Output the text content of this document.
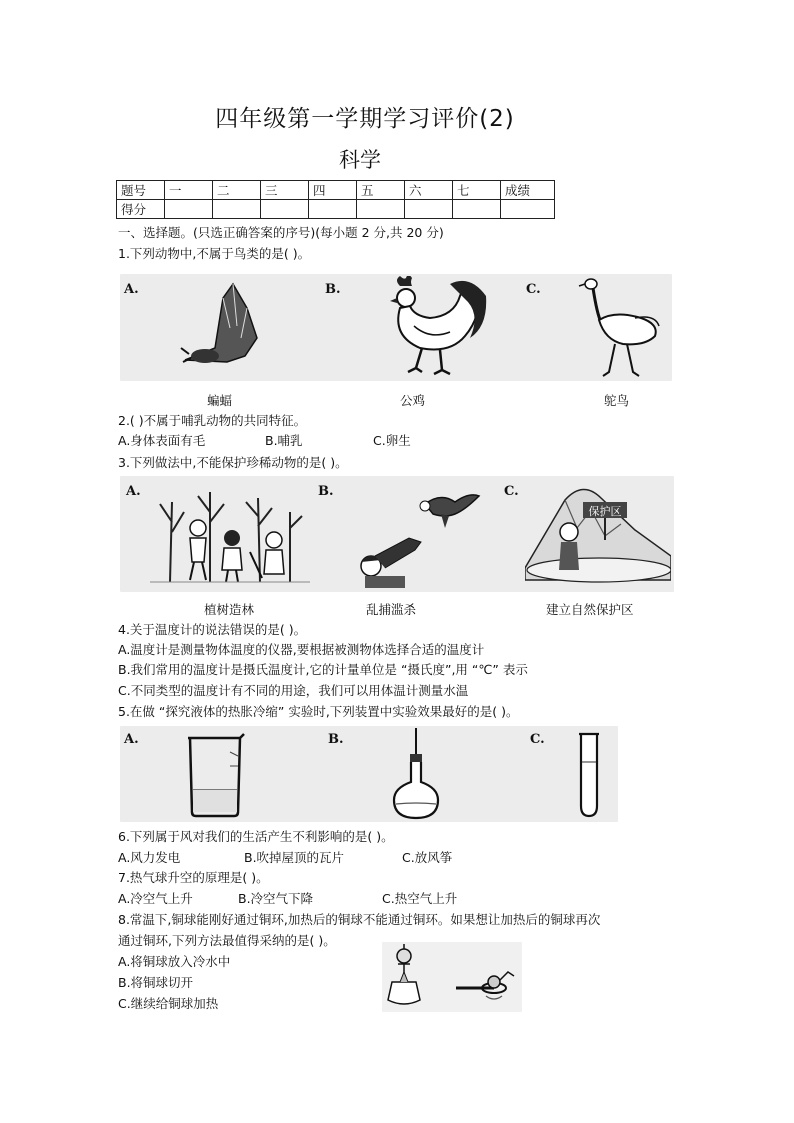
四年级第一学期学习评价(2)
科学
题号	一	二	三	四	五	六	七	成绩
得分								
一、选择题。(只选正确答案的序号)(每小题 2 分,共 20 分)
1.下列动物中,不属于鸟类的是( )。
A.	B.	C.
蝙蝠	公鸡	鸵鸟
2.( )不属于哺乳动物的共同特征。
A.身体表面有毛	B.哺乳	C.卵生
3.下列做法中,不能保护珍稀动物的是( )。
A.	B.	C.
保护区
植树造林	乱捕滥杀	建立自然保护区
4.关于温度计的说法错误的是( )。
A.温度计是测量物体温度的仪器,要根据被测物体选择合适的温度计
B.我们常用的温度计是摄氏温度计,它的计量单位是 “摄氏度”,用 “℃” 表示
C.不同类型的温度计有不同的用途，我们可以用体温计测量水温
5.在做 “探究液体的热胀冷缩” 实验时,下列装置中实验效果最好的是( )。
A.	B.	C.
6.下列属于风对我们的生活产生不利影响的是( )。
A.风力发电	B.吹掉屋顶的瓦片	C.放风筝
7.热气球升空的原理是( )。
A.冷空气上升	B.冷空气下降	C.热空气上升
8.常温下,铜球能刚好通过铜环,加热后的铜球不能通过铜环。如果想让加热后的铜球再次
通过铜环,下列方法最值得采纳的是( )。
A.将铜球放入冷水中
B.将铜球切开
C.继续给铜球加热
